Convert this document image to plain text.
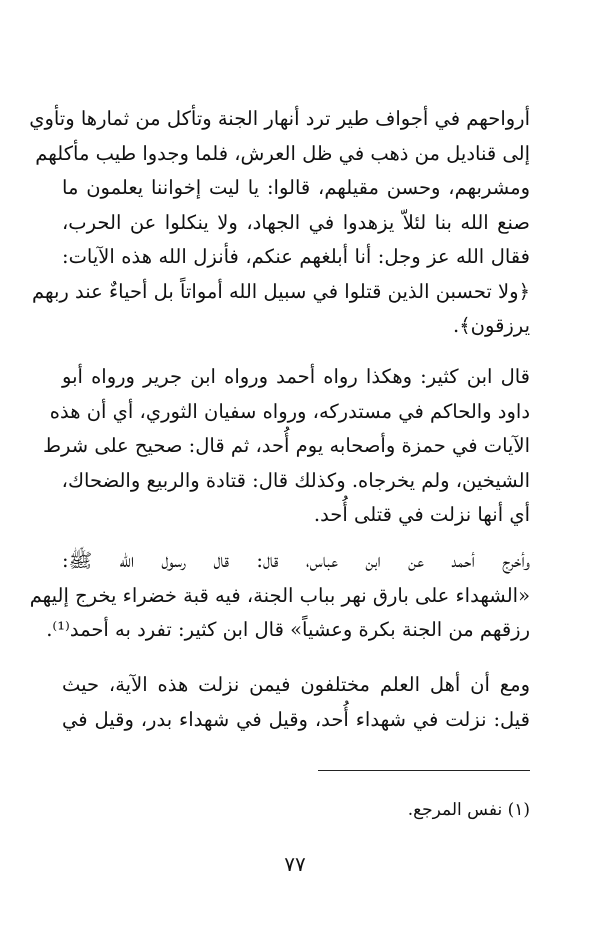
أرواحهم في أجواف طير ترد أنهار الجنة وتأكل من ثمارها وتأوي
إلى قناديل من ذهب في ظل العرش، فلما وجدوا طيب مأكلهم
ومشربهم، وحسن مقيلهم، قالوا: يا ليت إخواننا يعلمون ما
صنع الله بنا لئلاّ يزهدوا في الجهاد، ولا ينكلوا عن الحرب،
فقال الله عز وجل: أنا أبلغهم عنكم، فأنزل الله هذه الآيات:
﴿ولا تحسبن الذين قتلوا في سبيل الله أمواتاً بل أحياءٌ عند ربهم
يرزقون﴾.
قال ابن كثير: وهكذا رواه أحمد ورواه ابن جرير ورواه أبو
داود والحاكم في مستدركه، ورواه سفيان الثوري، أي أن هذه
الآيات في حمزة وأصحابه يوم أُحد، ثم قال: صحيح على شرط
الشيخين، ولم يخرجاه. وكذلك قال: قتادة والربيع والضحاك،
أي أنها نزلت في قتلى أُحد.
وأخرج أحمد عن ابن عباس، قال: قال رسول الله ﷺ:
«الشهداء على بارق نهر بباب الجنة، فيه قبة خضراء يخرج إليهم
رزقهم من الجنة بكرة وعشياً» قال ابن كثير: تفرد به أحمد⁽¹⁾.
ومع أن أهل العلم مختلفون فيمن نزلت هذه الآية، حيث
قيل: نزلت في شهداء أُحد، وقيل في شهداء بدر، وقيل في
(١) نفس المرجع.
٧٧
